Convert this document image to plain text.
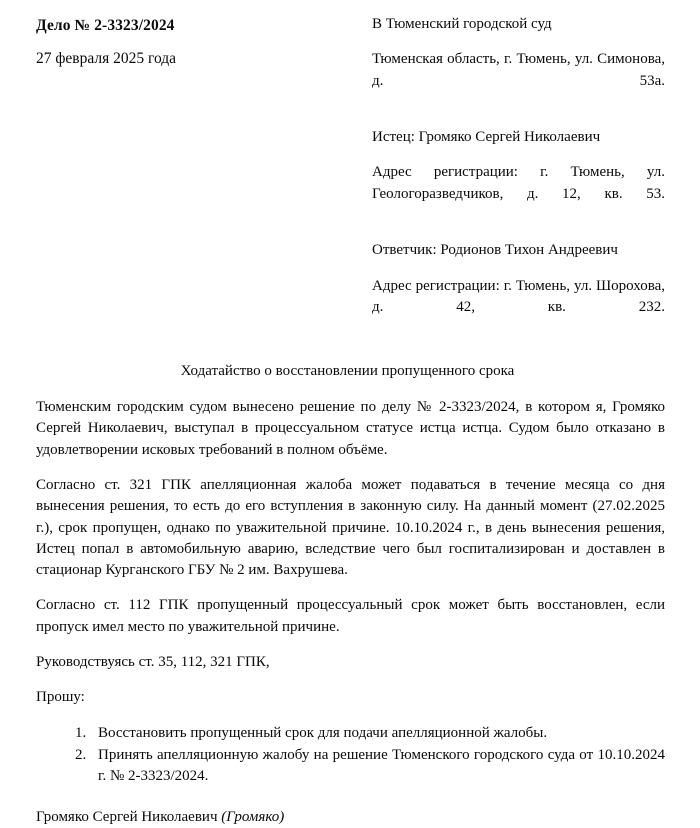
Дело № 2-3323/2024
27 февраля 2025 года
В Тюменский городской суд
Тюменская область, г. Тюмень, ул. Симонова, д. 53а.
Истец: Громяко Сергей Николаевич
Адрес регистрации: г. Тюмень, ул. Геологоразведчиков, д. 12, кв. 53.
Ответчик: Родионов Тихон Андреевич
Адрес регистрации: г. Тюмень, ул. Шорохова, д. 42, кв. 232.
Ходатайство о восстановлении пропущенного срока

Тюменским городским судом вынесено решение по делу № 2-3323/2024, в котором я, Громяко Сергей Николаевич, выступал в процессуальном статусе истца истца. Судом было отказано в удовлетворении исковых требований в полном объёме.

Согласно ст. 321 ГПК апелляционная жалоба может подаваться в течение месяца со дня вынесения решения, то есть до его вступления в законную силу. На данный момент (27.02.2025 г.), срок пропущен, однако по уважительной причине. 10.10.2024 г., в день вынесения решения, Истец попал в автомобильную аварию, вследствие чего был госпитализирован и доставлен в стационар Курганского ГБУ № 2 им. Вахрушева.

Согласно ст. 112 ГПК пропущенный процессуальный срок может быть восстановлен, если пропуск имел место по уважительной причине.

Руководствуясь ст. 35, 112, 321 ГПК,

Прошу:

1. Восстановить пропущенный срок для подачи апелляционной жалобы.
2. Принять апелляционную жалобу на решение Тюменского городского суда от 10.10.2024 г. № 2-3323/2024.
Громяко Сергей Николаевич (Громяко)
